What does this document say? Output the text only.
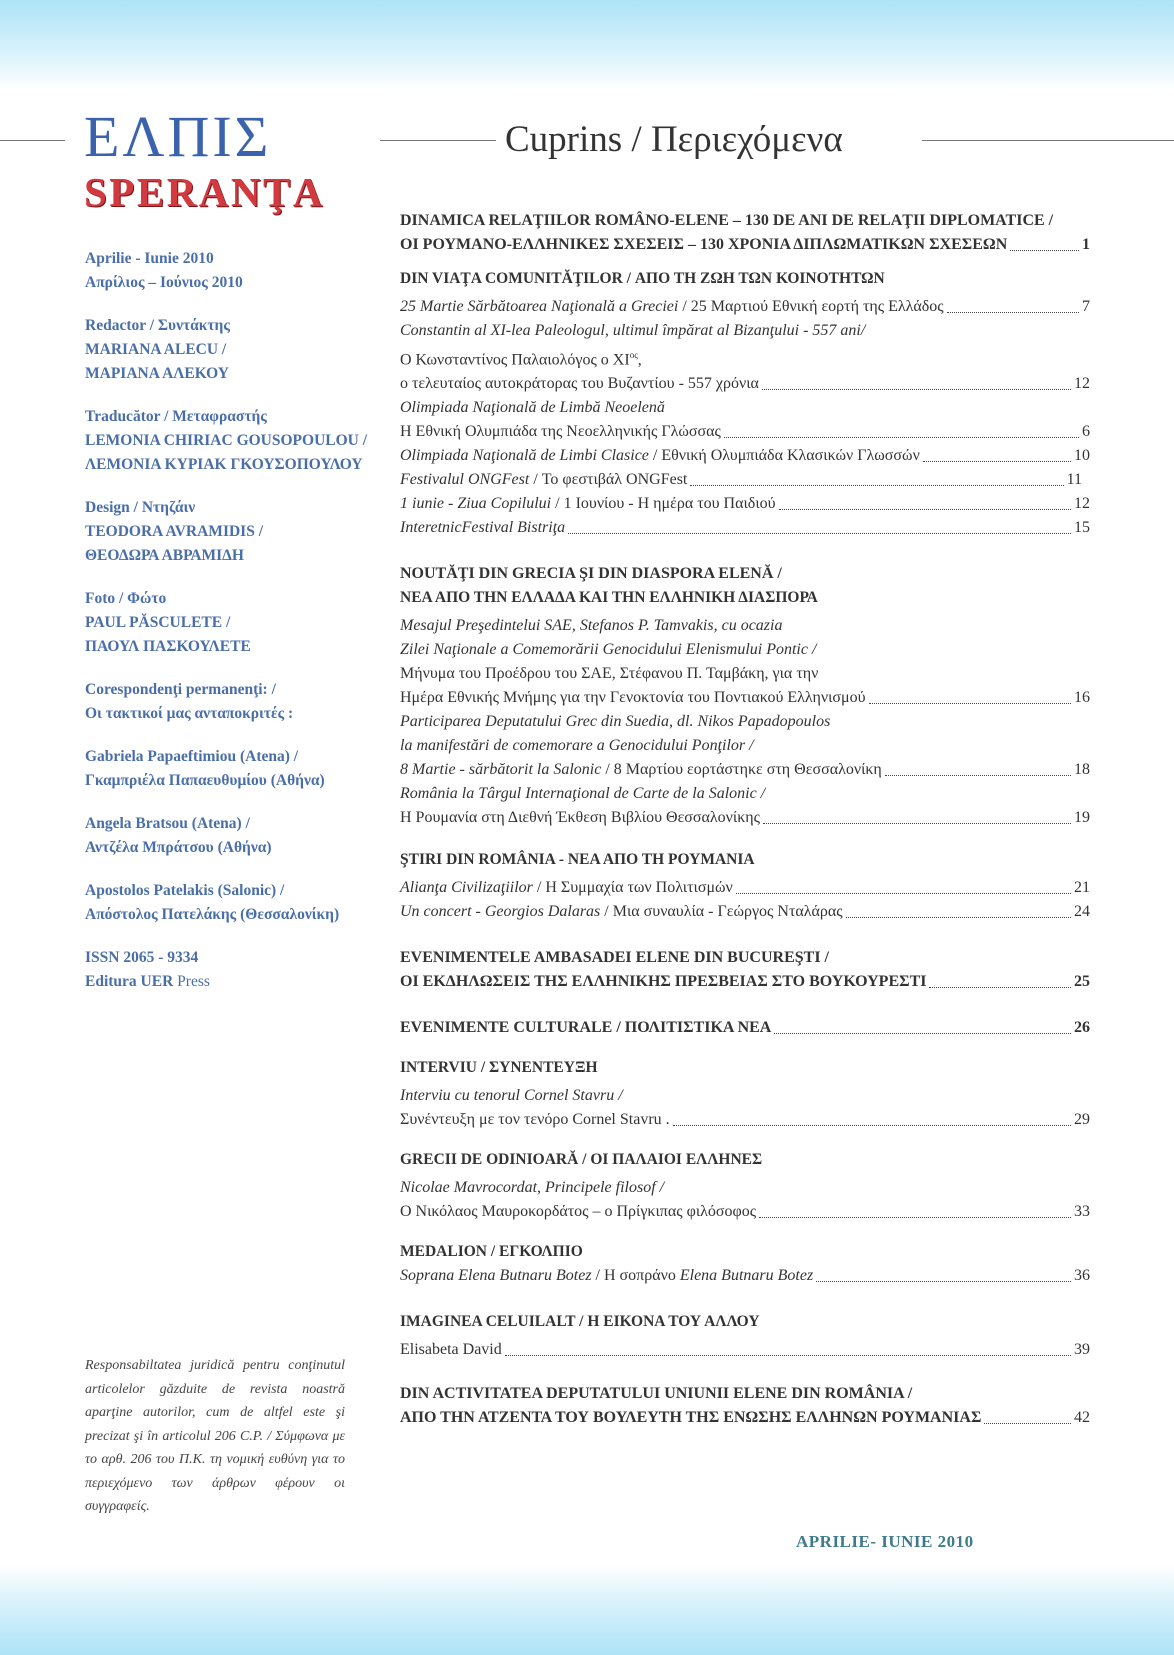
ΕΛΠΙΣ
SPERANŢA
Cuprins / Περιεχόμενα
Aprilie - Iunie 2010
Απρίλιος – Ιούνιος 2010
Redactor / Συντάκτης
MARIANA ALECU /
ΜΑΡΙΑΝΑ ΑΛΕΚΟΥ
Traducător / Μεταφραστής
LEMONIA CHIRIAC GOUSOPOULOU /
ΛΕΜΟΝΙΑ ΚΥΡΙΑΚ ΓΚΟΥΣΟΠΟΥΛΟΥ
Design / Ντηζάιν
TEODORA AVRAMIDIS /
ΘΕΟΔΩΡΑ ΑΒΡΑΜΙΔΗ
Foto / Φώτο
PAUL PĂSCULETE /
ΠΑΟΥΛ ΠΑΣΚΟΥΛΕΤΕ
Corespondenţi permanenţi: /
Οι τακτικοί μας ανταποκριτές :
Gabriela Papaeftimiou (Atena) /
Γκαμπριέλα Παπαευθυμίου (Αθήνα)
Angela Bratsou (Atena) /
Αντζέλα Μπράτσου (Αθήνα)
Apostolos Patelakis (Salonic) /
Απόστολος Πατελάκης (Θεσσαλονίκη)
ISSN 2065 - 9334
Editura UER Press
Responsabiltatea juridică pentru conţinutul articolelor găzduite de revista noastră aparţine autorilor, cum de altfel este şi precizat şi în articolul 206 C.P. / Σύμφωνα με το αρθ. 206 του Π.Κ. τη νομική ευθύνη για το περιεχόμενο των άρθρων φέρουν οι συγγραφείς.
DINAMICA RELAŢIILOR ROMÂNO-ELENE – 130 DE ANI DE RELAŢII DIPLOMATICE /
ΟΙ ΡΟΥΜΑΝΟ-ΕΛΛΗΝΙΚΕΣ ΣΧΕΣΕΙΣ – 130 ΧΡΟΝΙΑ ΔΙΠΛΩΜΑΤΙΚΩΝ ΣΧΕΣΕΩΝ	1
DIN VIAŢA COMUNITĂŢILOR / ΑΠΟ ΤΗ ΖΩΗ ΤΩΝ ΚΟΙΝΟΤΗΤΩΝ
25 Martie Sărbătoarea Naţională a Greciei / 25 Μαρτιού Εθνική εορτή της Ελλάδος	7
Constantin al XI-lea Paleologul, ultimul împărat al Bizanţului - 557 ani/
Ο Κωνσταντίνος Παλαιολόγος ο $XI^{o\varsigma}$,
ο τελευταίος αυτοκράτορας του Βυζαντίου - 557 χρόνια	12
Olimpiada Naţională de Limbă Neoelenă
Η Εθνική Ολυμπιάδα της Νεοελληνικής Γλώσσας	6
Olimpiada Naţională de Limbi Clasice / Εθνική Ολυμπιάδα Κλασικών Γλωσσών	10
Festivalul ONGFest / Το φεστιβάλ ONGFest	11
1 iunie - Ziua Copilului / 1 Ιουνίου - Η ημέρα του Παιδιού	12
InteretnicFestival Bistriţa	15
NOUTĂŢI DIN GRECIA ŞI DIN DIASPORA ELENĂ /
ΝΕΑ ΑΠΟ ΤΗΝ ΕΛΛΑΔΑ ΚΑΙ ΤΗΝ ΕΛΛΗΝΙΚΗ ΔΙΑΣΠΟΡΑ
Mesajul Preşedintelui SAE, Stefanos P. Tamvakis, cu ocazia
Zilei Naţionale a Comemorării Genocidului Elenismului Pontic /
Μήνυμα του Προέδρου του ΣΑΕ, Στέφανου Π. Ταμβάκη, για την
Ημέρα Εθνικής Μνήμης για την Γενοκτονία του Ποντιακού Ελληνισμού	16
Participarea Deputatului Grec din Suedia, dl. Nikos Papadopoulos
la manifestări de comemorare a Genocidului Ponţilor /
8 Martie - sărbătorit la Salonic / 8 Μαρτίου εορτάστηκε στη Θεσσαλονίκη	18
România la Târgul Internaţional de Carte de la Salonic /
Η Ρουμανία στη Διεθνή Έκθεση Βιβλίου Θεσσαλονίκης	19
ŞTIRI DIN ROMÂNIA - ΝΕΑ ΑΠΟ ΤΗ ΡΟΥΜΑΝΙΑ
Alianţa Civilizaţiilor / Η Συμμαχία των Πολιτισμών	21
Un concert - Georgios Dalaras / Μια συναυλία - Γεώργος Νταλάρας	24
EVENIMENTELE AMBASADEI ELENE DIN BUCUREŞTI /
ΟΙ ΕΚΔΗΛΩΣΕΙΣ ΤΗΣ ΕΛΛΗΝΙΚΗΣ ΠΡΕΣΒΕΙΑΣ ΣΤΟ ΒΟΥΚΟΥΡΕΣΤΙ	25
EVENIMENTE CULTURALE / ΠΟΛΙΤΙΣΤΙΚΑ ΝΕΑ	26
INTERVIU / ΣΥΝΕΝΤΕΥΞΗ
Interviu cu tenorul Cornel Stavru /
Συνέντευξη με τον τενόρο Cornel Stavru .	29
GRECII DE ODINIOARĂ / ΟΙ ΠΑΛΑΙΟΙ ΕΛΛΗΝΕΣ
Nicolae Mavrocordat, Principele filosof /
Ο Νικόλαος Μαυροκορδάτος – ο Πρίγκιπας φιλόσοφος	33
MEDALION / ΕΓΚΟΛΠΙΟ
Soprana Elena Butnaru Botez / Η σοπράνο Elena Butnaru Botez	36
IMAGINEA CELUILALT / Η ΕΙΚΟΝΑ ΤΟΥ ΑΛΛΟΥ
Elisabeta David	39
DIN ACTIVITATEA DEPUTATULUI UNIUNII ELENE DIN ROMÂNIA /
ΑΠΟ ΤΗΝ ΑΤΖΕΝΤΑ ΤΟΥ ΒΟΥΛΕΥΤΗ ΤΗΣ ΕΝΩΣΗΣ ΕΛΛΗΝΩΝ ΡΟΥΜΑΝΙΑΣ	42
APRILIE- IUNIE 2010
